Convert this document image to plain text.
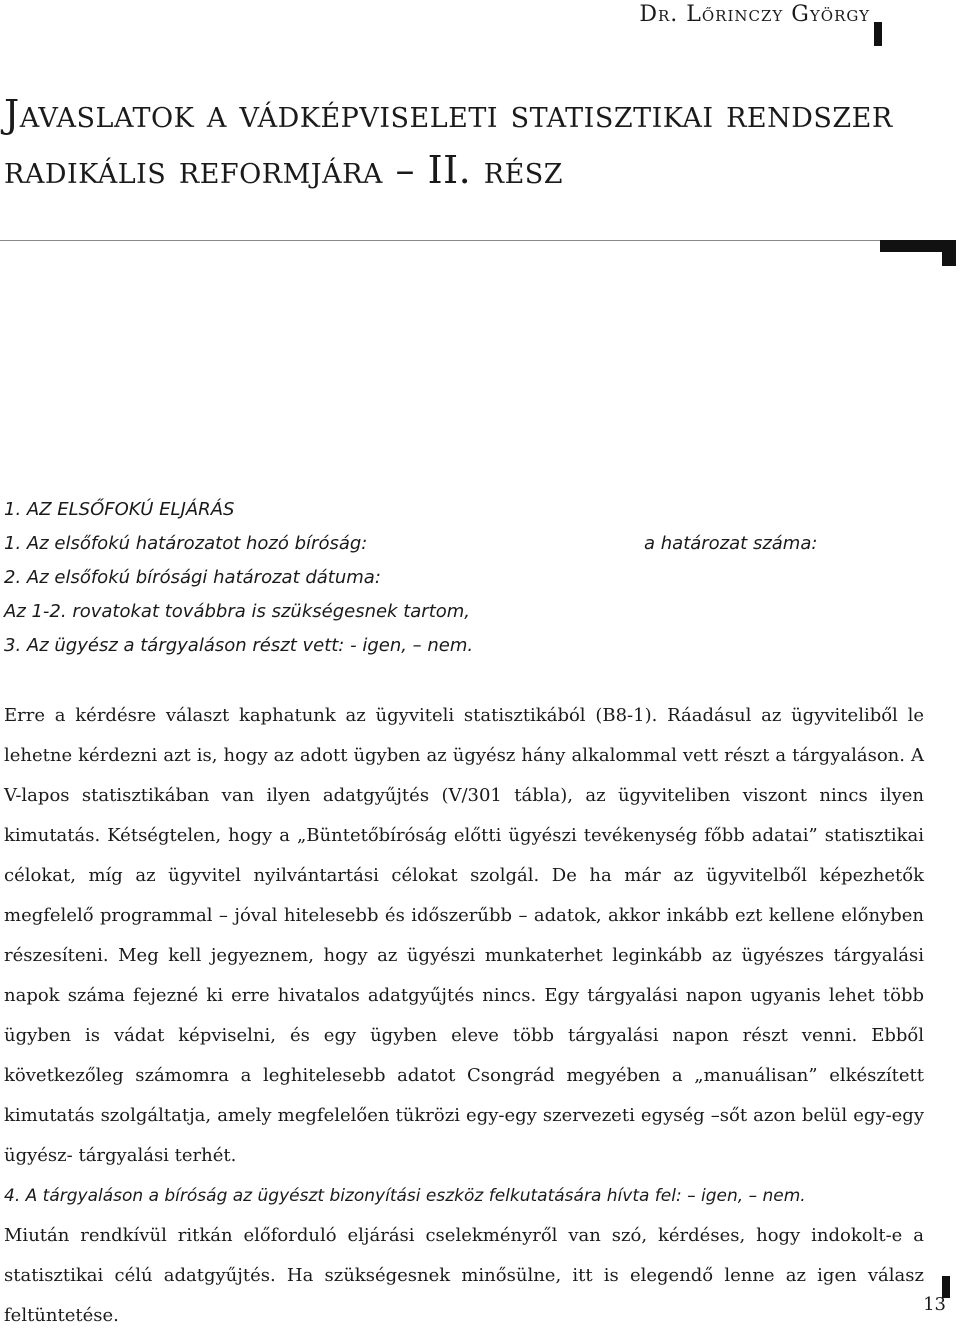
Dr. Lőrinczy György
Javaslatok a vádképviseleti statisztikai rendszer radikális reformjára – II. rész
1. AZ ELSŐFOKÚ ELJÁRÁS
1. Az elsőfokú határozatot hozó bíróság:	a határozat száma:
2. Az elsőfokú bírósági határozat dátuma:
Az 1-2. rovatokat továbbra is szükségesnek tartom,
3. Az ügyész a tárgyaláson részt vett: - igen, – nem.

Erre a kérdésre választ kaphatunk az ügyviteli statisztikából (B8-1). Ráadásul az ügyviteliből le lehetne kérdezni azt is, hogy az adott ügyben az ügyész hány alkalommal vett részt a tárgyaláson. A V-lapos statisztikában van ilyen adatgyűjtés (V/301 tábla), az ügyviteliben viszont nincs ilyen kimutatás. Kétségtelen, hogy a „Büntetőbíróság előtti ügyészi tevékenység főbb adatai” statisztikai célokat, míg az ügyvitel nyilvántartási célokat szolgál. De ha már az ügyvitelből képezhetők megfelelő programmal – jóval hitelesebb és időszerűbb – adatok, akkor inkább ezt kellene előnyben részesíteni. Meg kell jegyeznem, hogy az ügyészi munkaterhet leginkább az ügyészes tárgyalási napok száma fejezné ki erre hivatalos adatgyűjtés nincs. Egy tárgyalási napon ugyanis lehet több ügyben is vádat képviselni, és egy ügyben eleve több tárgyalási napon részt venni. Ebből következőleg számomra a leghitelesebb adatot Csongrád megyében a „manuálisan” elkészített kimutatás szolgáltatja, amely megfelelően tükrözi egy-egy szervezeti egység –sőt azon belül egy-egy ügyész- tárgyalási terhét.

4. A tárgyaláson a bíróság az ügyészt bizonyítási eszköz felkutatására hívta fel: – igen, – nem.

Miután rendkívül ritkán előforduló eljárási cselekményről van szó, kérdéses, hogy indokolt-e a statisztikai célú adatgyűjtés. Ha szükségesnek minősülne, itt is elegendő lenne az igen válasz feltüntetése.

13
